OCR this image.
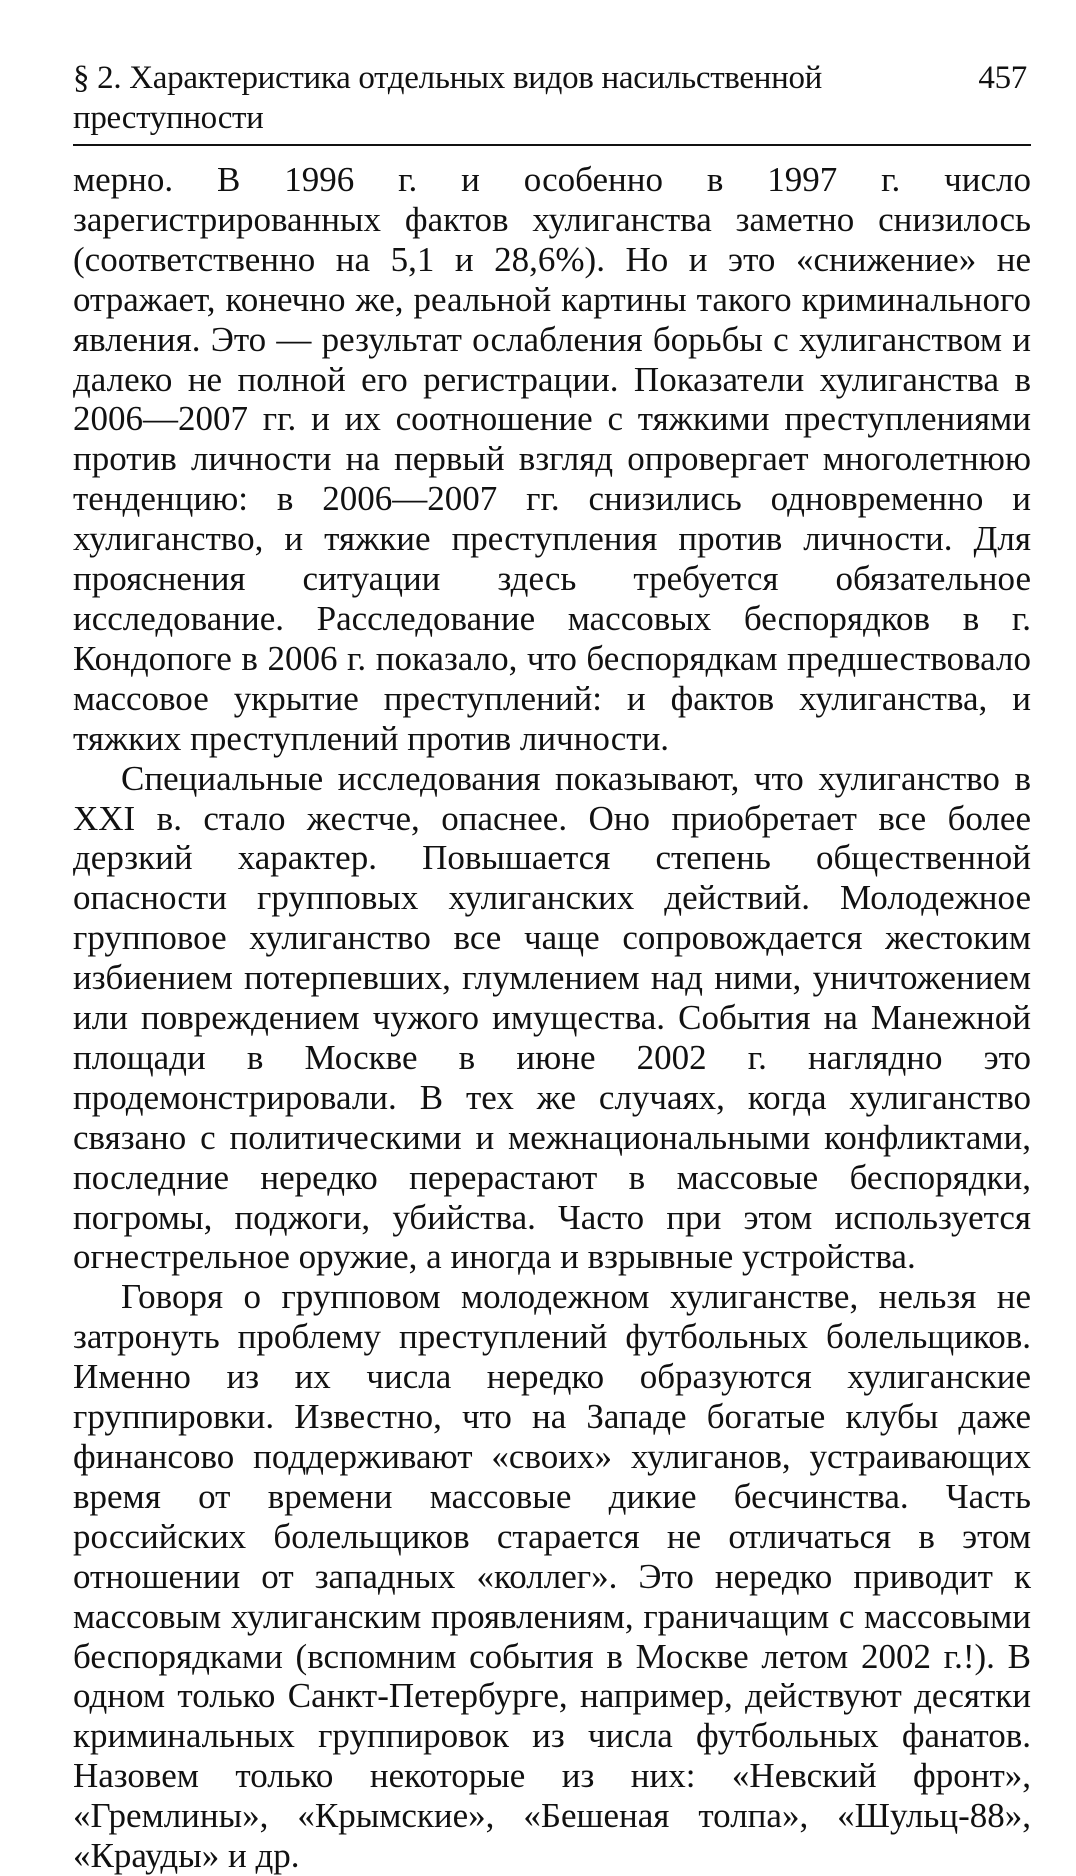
§ 2. Характеристика отдельных видов насильственной преступности
457

мерно. В 1996 г. и особенно в 1997 г. число зарегистрированных фактов хулиганства заметно снизилось (соответственно на 5,1 и 28,6%). Но и это «снижение» не отражает, конечно же, реальной картины такого криминального явления. Это — результат ослабления борьбы с хулиганством и далеко не полной его регистрации. Показатели хулиганства в 2006—2007 гг. и их соотношение с тяжкими преступлениями против личности на первый взгляд опровергает многолетнюю тенденцию: в 2006—2007 гг. снизились одновременно и хулиганство, и тяжкие преступления против личности. Для прояснения ситуации здесь требуется обязательное исследование. Расследование массовых беспорядков в г. Кондопоге в 2006 г. показало, что беспорядкам предшествовало массовое укрытие преступлений: и фактов хулиганства, и тяжких преступлений против личности.

Специальные исследования показывают, что хулиганство в XXI в. стало жестче, опаснее. Оно приобретает все более дерзкий характер. Повышается степень общественной опасности групповых хулиганских действий. Молодежное групповое хулиганство все чаще сопровождается жестоким избиением потерпевших, глумлением над ними, уничтожением или повреждением чужого имущества. События на Манежной площади в Москве в июне 2002 г. наглядно это продемонстрировали. В тех же случаях, когда хулиганство связано с политическими и межнациональными конфликтами, последние нередко перерастают в массовые беспорядки, погромы, поджоги, убийства. Часто при этом используется огнестрельное оружие, а иногда и взрывные устройства.

Говоря о групповом молодежном хулиганстве, нельзя не затронуть проблему преступлений футбольных болельщиков. Именно из их числа нередко образуются хулиганские группировки. Известно, что на Западе богатые клубы даже финансово поддерживают «своих» хулиганов, устраивающих время от времени массовые дикие бесчинства. Часть российских болельщиков старается не отличаться в этом отношении от западных «коллег». Это нередко приводит к массовым хулиганским проявлениям, граничащим с массовыми беспорядками (вспомним события в Москве летом 2002 г.!). В одном только Санкт-Петербурге, например, действуют десятки криминальных группировок из числа футбольных фанатов. Назовем только некоторые из них: «Невский фронт», «Гремлины», «Крымские», «Бешеная толпа», «Шульц-88», «Крауды» и др.
